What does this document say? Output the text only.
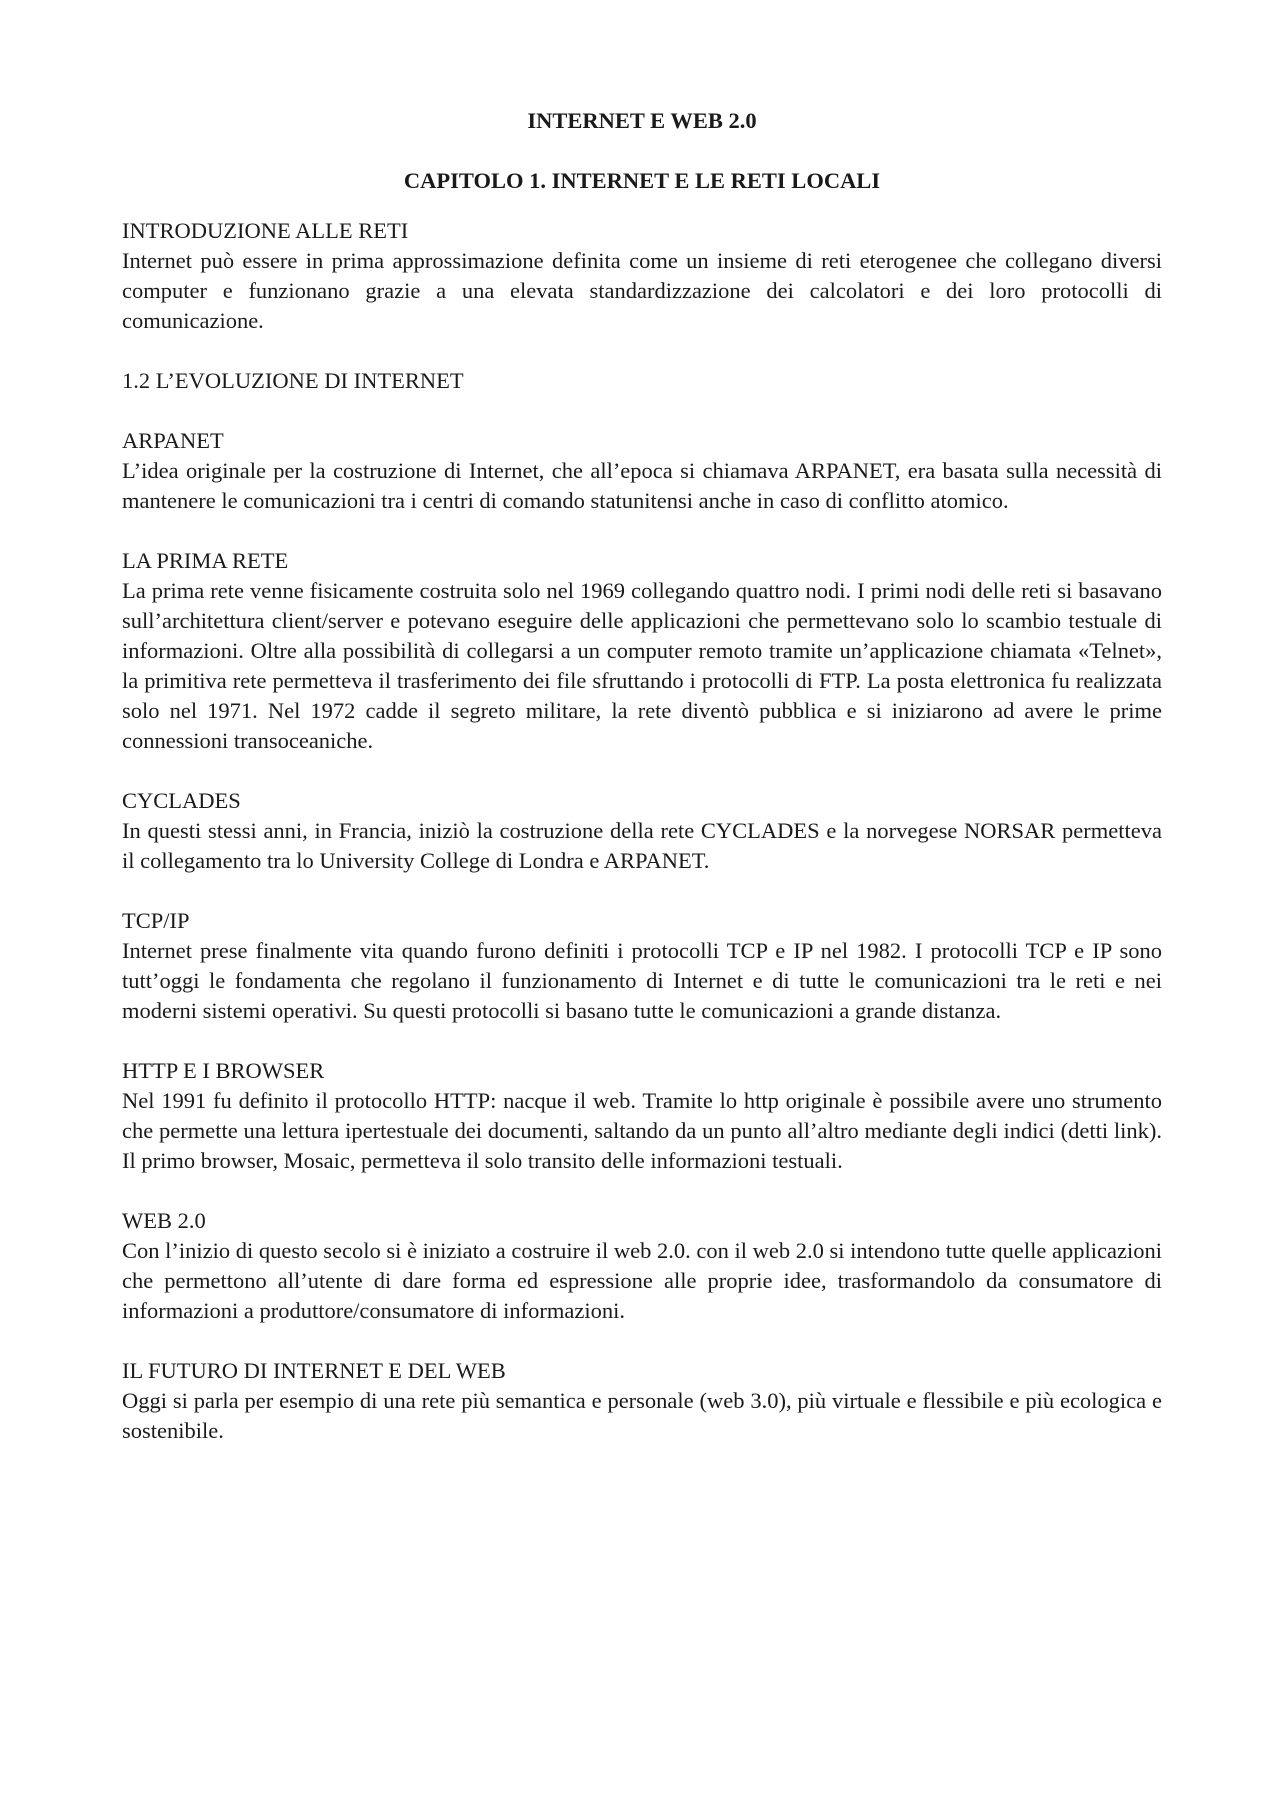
INTERNET E WEB 2.0

CAPITOLO 1. INTERNET E LE RETI LOCALI

INTRODUZIONE ALLE RETI

Internet può essere in prima approssimazione definita come un insieme di reti eterogenee che collegano diversi computer e funzionano grazie a una elevata standardizzazione dei calcolatori e dei loro protocolli di comunicazione.

1.2 L’EVOLUZIONE DI INTERNET

ARPANET

L’idea originale per la costruzione di Internet, che all’epoca si chiamava ARPANET, era basata sulla necessità di mantenere le comunicazioni tra i centri di comando statunitensi anche in caso di conflitto atomico.

LA PRIMA RETE

La prima rete venne fisicamente costruita solo nel 1969 collegando quattro nodi. I primi nodi delle reti si basavano sull’architettura client/server e potevano eseguire delle applicazioni che permettevano solo lo scambio testuale di informazioni. Oltre alla possibilità di collegarsi a un computer remoto tramite un’applicazione chiamata «Telnet», la primitiva rete permetteva il trasferimento dei file sfruttando i protocolli di FTP. La posta elettronica fu realizzata solo nel 1971. Nel 1972 cadde il segreto militare, la rete diventò pubblica e si iniziarono ad avere le prime connessioni transoceaniche.

CYCLADES

In questi stessi anni, in Francia, iniziò la costruzione della rete CYCLADES e la norvegese NORSAR permetteva il collegamento tra lo University College di Londra e ARPANET.

TCP/IP

Internet prese finalmente vita quando furono definiti i protocolli TCP e IP nel 1982. I protocolli TCP e IP sono tutt’oggi le fondamenta che regolano il funzionamento di Internet e di tutte le comunicazioni tra le reti e nei moderni sistemi operativi. Su questi protocolli si basano tutte le comunicazioni a grande distanza.

HTTP E I BROWSER

Nel 1991 fu definito il protocollo HTTP: nacque il web. Tramite lo http originale è possibile avere uno strumento che permette una lettura ipertestuale dei documenti, saltando da un punto all’altro mediante degli indici (detti link). Il primo browser, Mosaic, permetteva il solo transito delle informazioni testuali.

WEB 2.0

Con l’inizio di questo secolo si è iniziato a costruire il web 2.0. con il web 2.0 si intendono tutte quelle applicazioni che permettono all’utente di dare forma ed espressione alle proprie idee, trasformandolo da consumatore di informazioni a produttore/consumatore di informazioni.

IL FUTURO DI INTERNET E DEL WEB

Oggi si parla per esempio di una rete più semantica e personale (web 3.0), più virtuale e flessibile e più ecologica e sostenibile.
